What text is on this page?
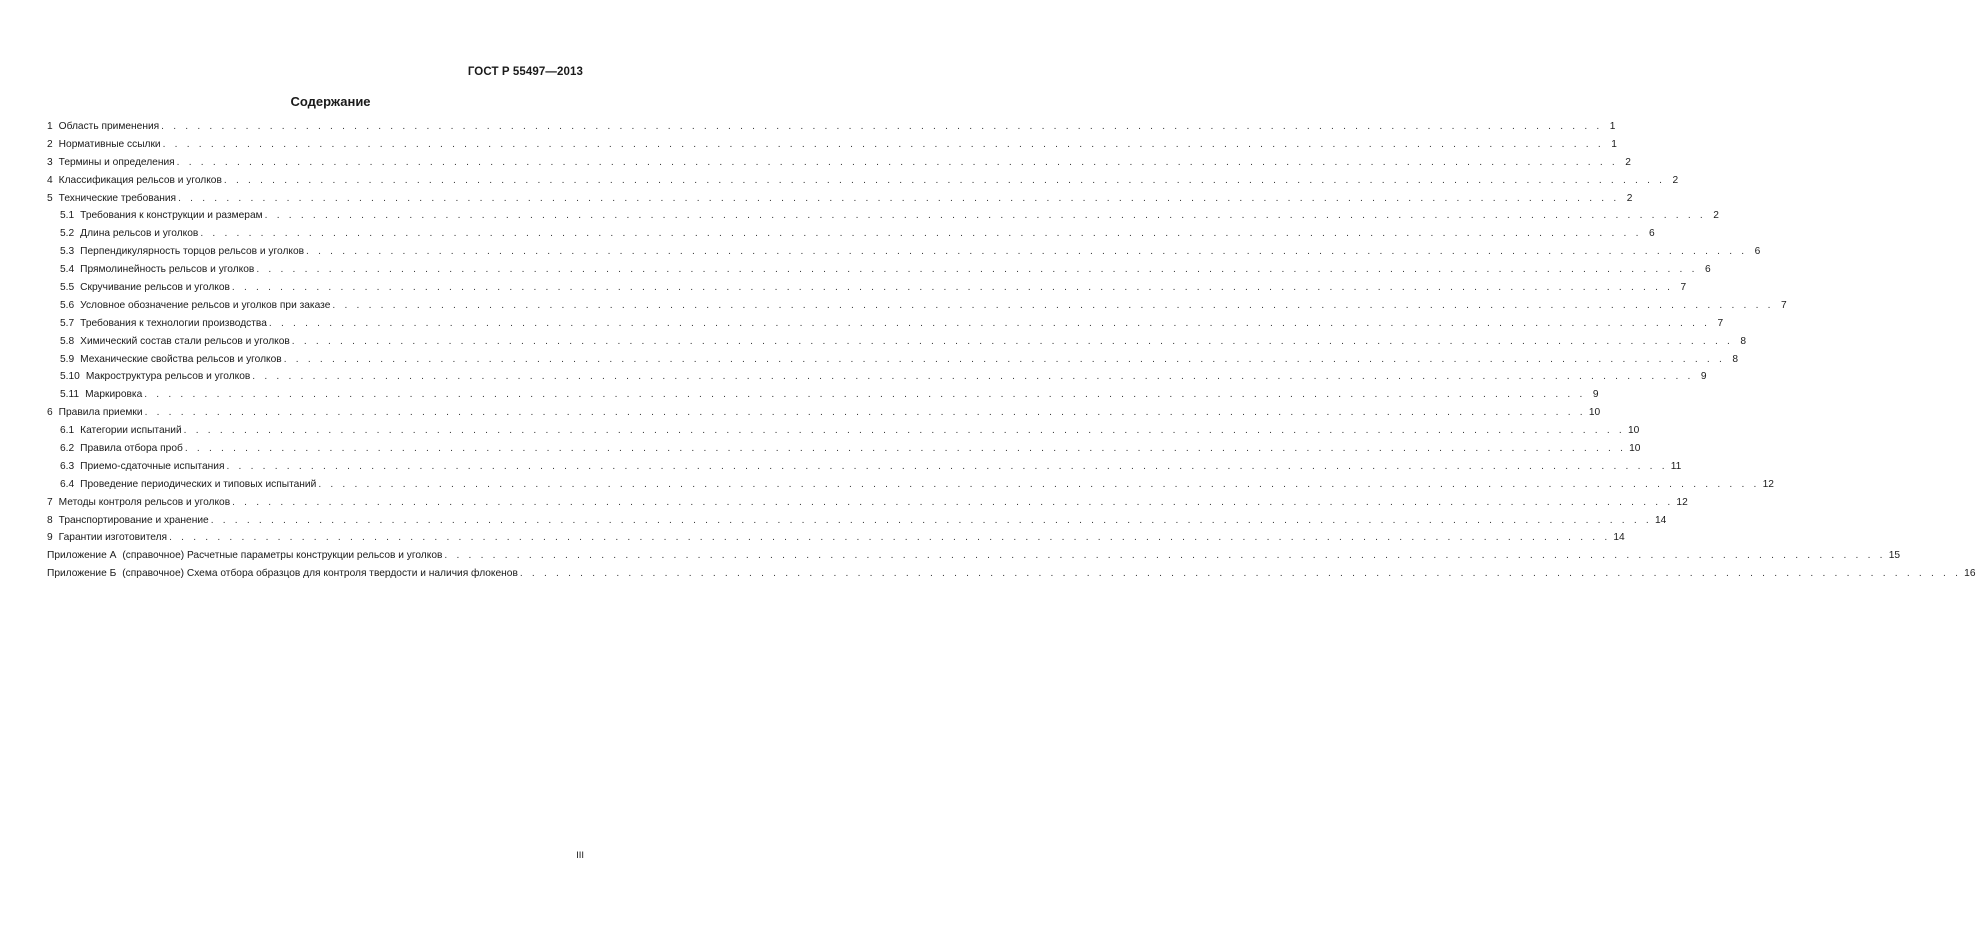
ГОСТ Р 55497—2013
Содержание
1 Область применения . . . . . . . . . . . . . . . . . . . . . . . . . . . . . . . . . . . . . . . . . . . . . . . . . . . . . . . . . . . . . . . . . . . . . . . . . . . . . . . . . . . . . . . . . . . . . . . . . . . . . . . . . . . . . . . . . . . . . . . . 1
2 Нормативные ссылки . . . . . . . . . . . . . . . . . . . . . . . . . . . . . . . . . . . . . . . . . . . . . . . . . . . . . . . . . . . . . . . . . . . . . . . . . . . . . . . . . . . . . . . . . . . . . . . . . . . . . . . . . . . . . . . . . . . . . . . . 1
3 Термины и определения . . . . . . . . . . . . . . . . . . . . . . . . . . . . . . . . . . . . . . . . . . . . . . . . . . . . . . . . . . . . . . . . . . . . . . . . . . . . . . . . . . . . . . . . . . . . . . . . . . . . . . . . . . . . . . . . . . . . . . . . 2
4 Классификация рельсов и уголков . . . . . . . . . . . . . . . . . . . . . . . . . . . . . . . . . . . . . . . . . . . . . . . . . . . . . . . . . . . . . . . . . . . . . . . . . . . . . . . . . . . . . . . . . . . . . . . . . . . . . . . . . . . . . . . . . . . . . . . . 2
5 Технические требования . . . . . . . . . . . . . . . . . . . . . . . . . . . . . . . . . . . . . . . . . . . . . . . . . . . . . . . . . . . . . . . . . . . . . . . . . . . . . . . . . . . . . . . . . . . . . . . . . . . . . . . . . . . . . . . . . . . . . . . . 2
5.1 Требования к конструкции и размерам . . . . . . . . . . . . . . . . . . . . . . . . . . . . . . . . . . . . . . . . . . . . . . . . . . . . . . . . . . . . . . . . . . . . . . . . . . . . . . . . . . . . . . . . . . . . . . . . . . . . . . . . . . . . . . . . . . . . . . . . 2
5.2 Длина рельсов и уголков . . . . . . . . . . . . . . . . . . . . . . . . . . . . . . . . . . . . . . . . . . . . . . . . . . . . . . . . . . . . . . . . . . . . . . . . . . . . . . . . . . . . . . . . . . . . . . . . . . . . . . . . . . . . . . . . . . . . . . . . 6
5.3 Перпендикулярность торцов рельсов и уголков . . . . . . . . . . . . . . . . . . . . . . . . . . . . . . . . . . . . . . . . . . . . . . . . . . . . . . . . . . . . . . . . . . . . . . . . . . . . . . . . . . . . . . . . . . . . . . . . . . . . . . . . . . . . . . . . . . . . . . . . 6
5.4 Прямолинейность рельсов и уголков . . . . . . . . . . . . . . . . . . . . . . . . . . . . . . . . . . . . . . . . . . . . . . . . . . . . . . . . . . . . . . . . . . . . . . . . . . . . . . . . . . . . . . . . . . . . . . . . . . . . . . . . . . . . . . . . . . . . . . . . 6
5.5 Скручивание рельсов и уголков . . . . . . . . . . . . . . . . . . . . . . . . . . . . . . . . . . . . . . . . . . . . . . . . . . . . . . . . . . . . . . . . . . . . . . . . . . . . . . . . . . . . . . . . . . . . . . . . . . . . . . . . . . . . . . . . . . . . . . . . 7
5.6 Условное обозначение рельсов и уголков при заказе . . . . . . . . . . . . . . . . . . . . . . . . . . . . . . . . . . . . . . . . . . . . . . . . . . . . . . . . . . . . . . . . . . . . . . . . . . . . . . . . . . . . . . . . . . . . . . . . . . . . . . . . . . . . . . . . . . . . . . . . 7
5.7 Требования к технологии производства . . . . . . . . . . . . . . . . . . . . . . . . . . . . . . . . . . . . . . . . . . . . . . . . . . . . . . . . . . . . . . . . . . . . . . . . . . . . . . . . . . . . . . . . . . . . . . . . . . . . . . . . . . . . . . . . . . . . . . . . 7
5.8 Химический состав стали рельсов и уголков . . . . . . . . . . . . . . . . . . . . . . . . . . . . . . . . . . . . . . . . . . . . . . . . . . . . . . . . . . . . . . . . . . . . . . . . . . . . . . . . . . . . . . . . . . . . . . . . . . . . . . . . . . . . . . . . . . . . . . . . 8
5.9 Механические свойства рельсов и уголков . . . . . . . . . . . . . . . . . . . . . . . . . . . . . . . . . . . . . . . . . . . . . . . . . . . . . . . . . . . . . . . . . . . . . . . . . . . . . . . . . . . . . . . . . . . . . . . . . . . . . . . . . . . . . . . . . . . . . . . . 8
5.10 Макроструктура рельсов и уголков . . . . . . . . . . . . . . . . . . . . . . . . . . . . . . . . . . . . . . . . . . . . . . . . . . . . . . . . . . . . . . . . . . . . . . . . . . . . . . . . . . . . . . . . . . . . . . . . . . . . . . . . . . . . . . . . . . . . . . . . 9
5.11 Маркировка . . . . . . . . . . . . . . . . . . . . . . . . . . . . . . . . . . . . . . . . . . . . . . . . . . . . . . . . . . . . . . . . . . . . . . . . . . . . . . . . . . . . . . . . . . . . . . . . . . . . . . . . . . . . . . . . . . . . . . . . 9
6 Правила приемки . . . . . . . . . . . . . . . . . . . . . . . . . . . . . . . . . . . . . . . . . . . . . . . . . . . . . . . . . . . . . . . . . . . . . . . . . . . . . . . . . . . . . . . . . . . . . . . . . . . . . . . . . . . . . . . . . . . . . . . . 10
6.1 Категории испытаний . . . . . . . . . . . . . . . . . . . . . . . . . . . . . . . . . . . . . . . . . . . . . . . . . . . . . . . . . . . . . . . . . . . . . . . . . . . . . . . . . . . . . . . . . . . . . . . . . . . . . . . . . . . . . . . . . . . . . . . . 10
6.2 Правила отбора проб . . . . . . . . . . . . . . . . . . . . . . . . . . . . . . . . . . . . . . . . . . . . . . . . . . . . . . . . . . . . . . . . . . . . . . . . . . . . . . . . . . . . . . . . . . . . . . . . . . . . . . . . . . . . . . . . . . . . . . . . 10
6.3 Приемо-сдаточные испытания . . . . . . . . . . . . . . . . . . . . . . . . . . . . . . . . . . . . . . . . . . . . . . . . . . . . . . . . . . . . . . . . . . . . . . . . . . . . . . . . . . . . . . . . . . . . . . . . . . . . . . . . . . . . . . . . . . . . . . . . 11
6.4 Проведение периодических и типовых испытаний . . . . . . . . . . . . . . . . . . . . . . . . . . . . . . . . . . . . . . . . . . . . . . . . . . . . . . . . . . . . . . . . . . . . . . . . . . . . . . . . . . . . . . . . . . . . . . . . . . . . . . . . . . . . . . . . . . . . . . . . 12
7 Методы контроля рельсов и уголков . . . . . . . . . . . . . . . . . . . . . . . . . . . . . . . . . . . . . . . . . . . . . . . . . . . . . . . . . . . . . . . . . . . . . . . . . . . . . . . . . . . . . . . . . . . . . . . . . . . . . . . . . . . . . . . . . . . . . . . . 12
8 Транспортирование и хранение . . . . . . . . . . . . . . . . . . . . . . . . . . . . . . . . . . . . . . . . . . . . . . . . . . . . . . . . . . . . . . . . . . . . . . . . . . . . . . . . . . . . . . . . . . . . . . . . . . . . . . . . . . . . . . . . . . . . . . . . 14
9 Гарантии изготовителя . . . . . . . . . . . . . . . . . . . . . . . . . . . . . . . . . . . . . . . . . . . . . . . . . . . . . . . . . . . . . . . . . . . . . . . . . . . . . . . . . . . . . . . . . . . . . . . . . . . . . . . . . . . . . . . . . . . . . . . . 14
Приложение А (справочное) Расчетные параметры конструкции рельсов и уголков . . . . . . . . . . . . . . . . . . . . . . . . . . . . . . . . . . . . . . . . . . . . . . . . . . . . . . . . . . . . . . . . . . . . . . . . . . . . . . . . . . . . . . . . . . . . . . . . . . . . . . . . . . . . . . . . . . . . . . . . 15
Приложение Б (справочное) Схема отбора образцов для контроля твердости и наличия флокенов . . . . . . . . . . . . . . . . . . . . . . . . . . . . . . . . . . . . . . . . . . . . . . . . . . . . . . . . . . . . . . . . . . . . . . . . . . . . . . . . . . . . . . . . . . . . . . . . . . . . . . . . . . . . . . . . . . . . . . . . 16
III
